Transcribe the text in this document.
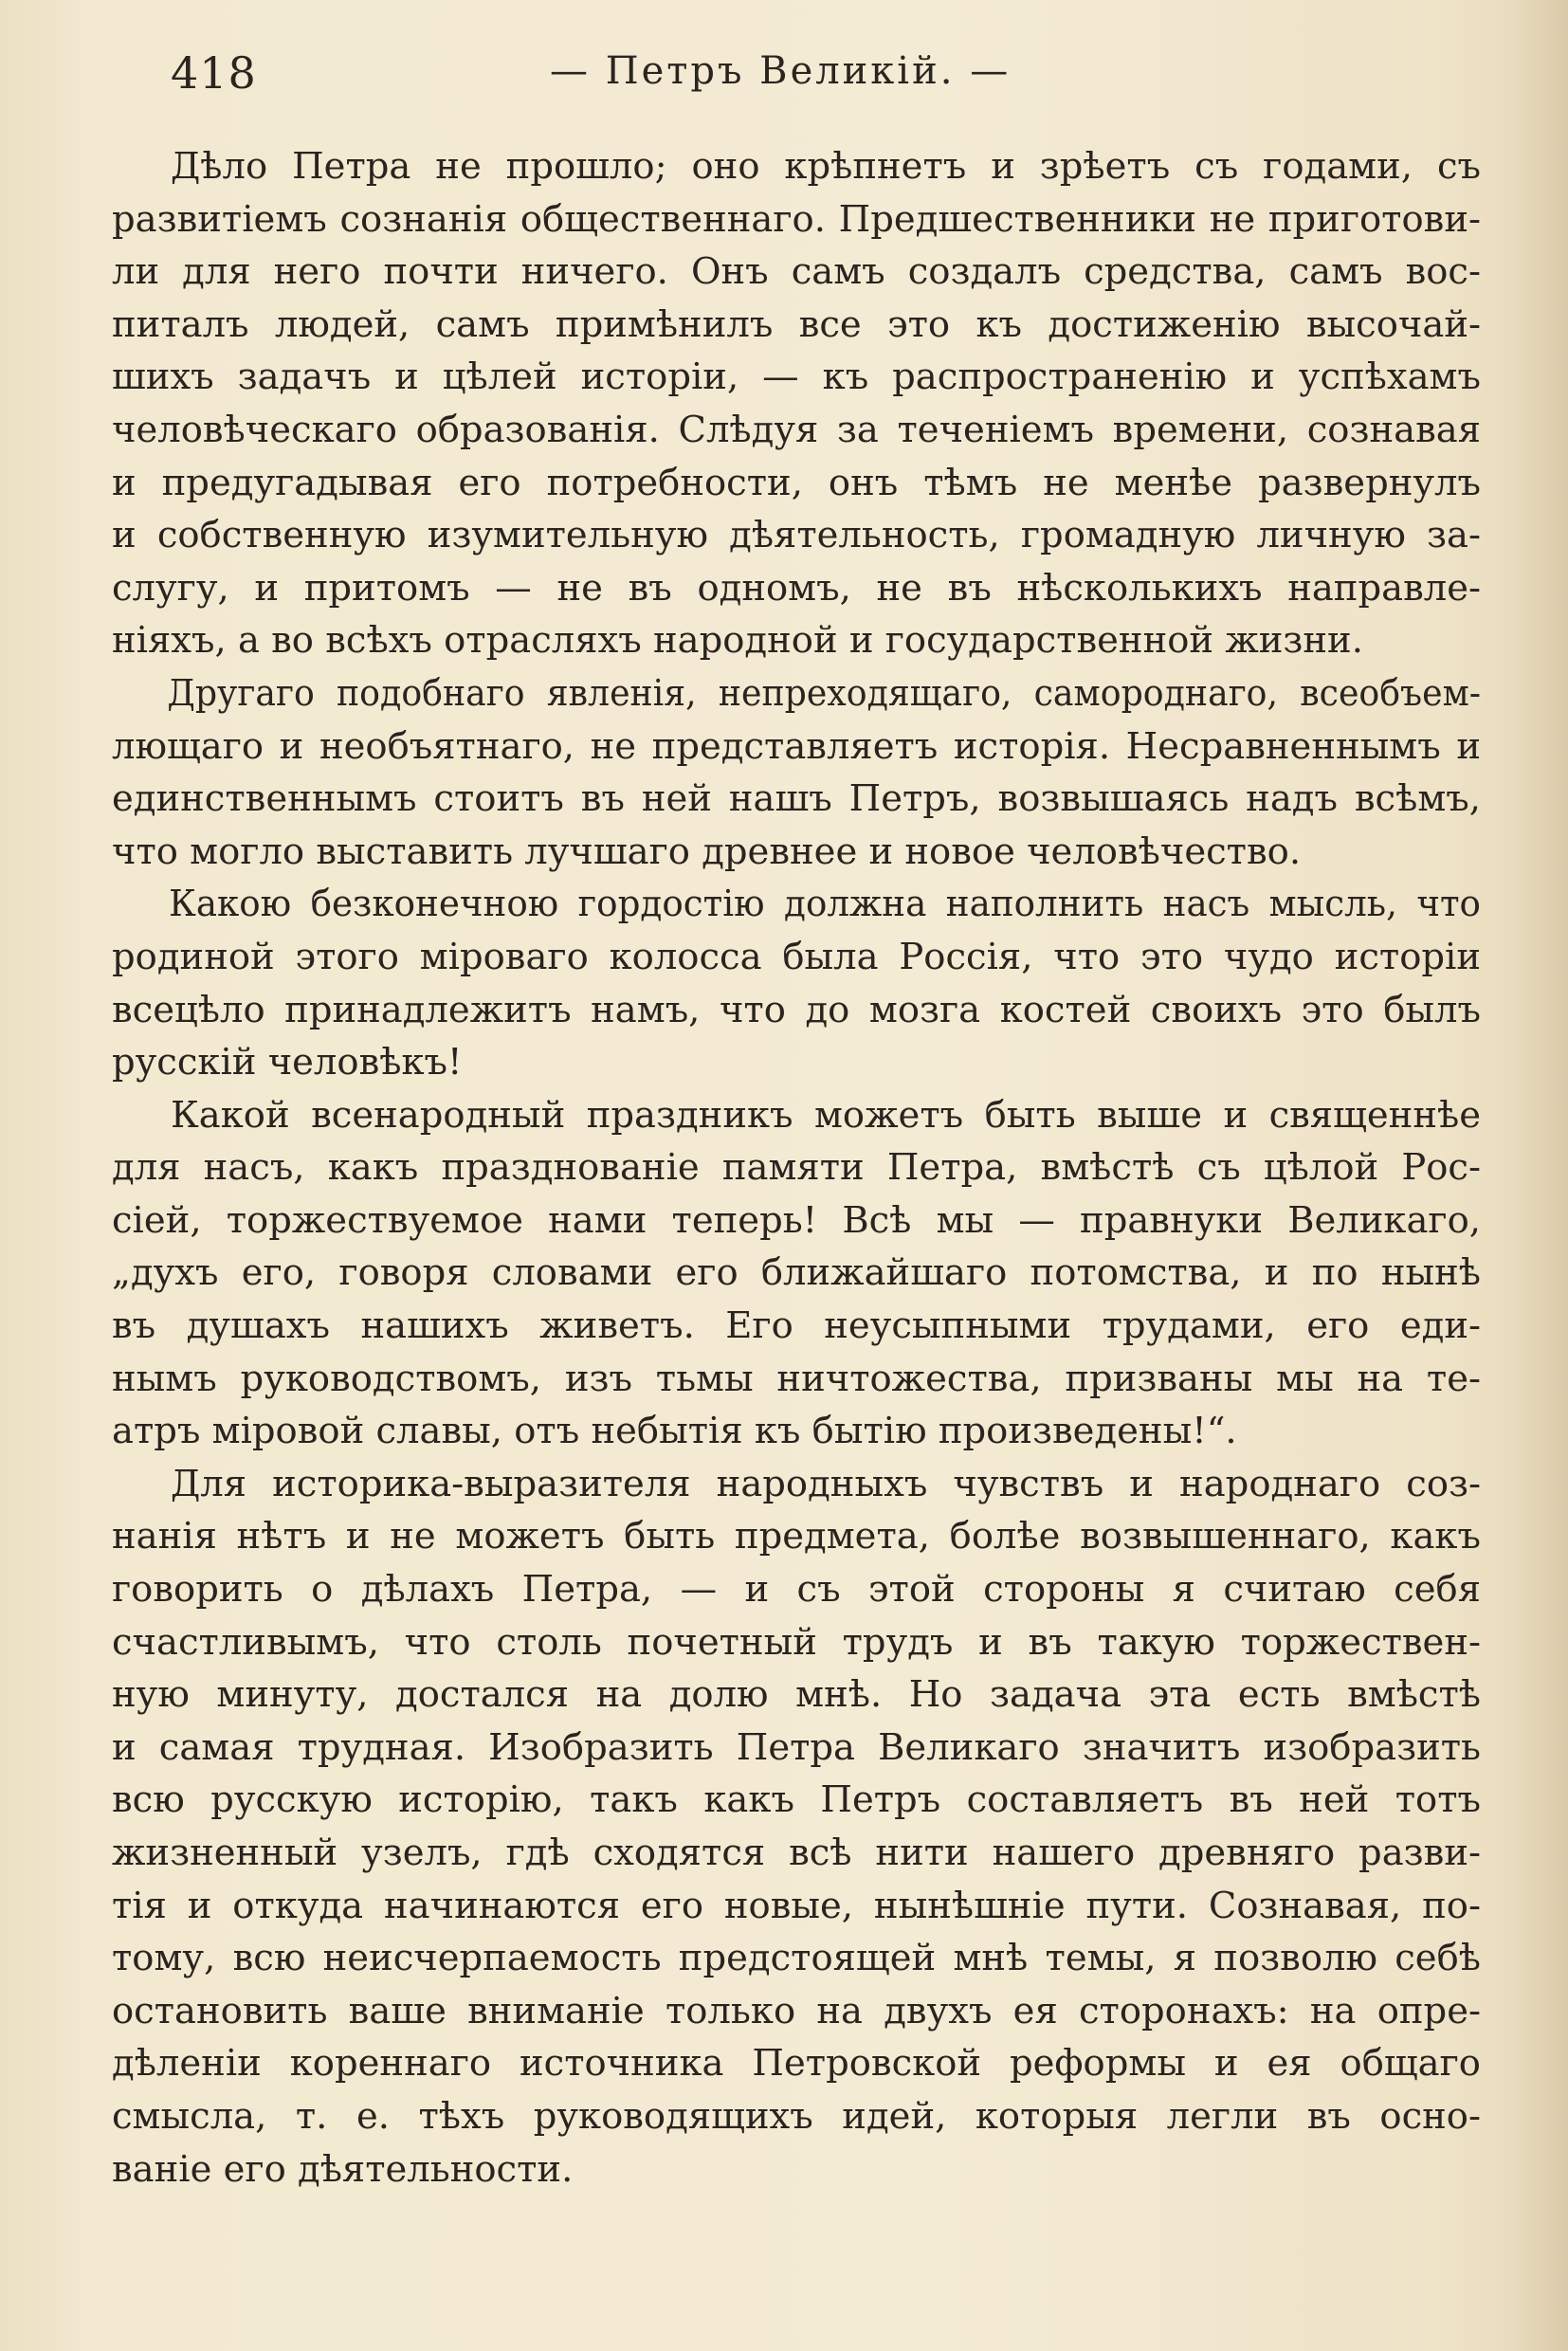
418	— Петръ Великій. —
Дѣло Петра не прошло; оно крѣпнетъ и зрѣетъ съ годами, съ
развитіемъ сознанія общественнаго. Предшественники не приготови-
ли для него почти ничего. Онъ самъ создалъ средства, самъ вос-
питалъ людей, самъ примѣнилъ все это къ достиженію высочай-
шихъ задачъ и цѣлей исторіи, — къ распространенію и успѣхамъ
человѣческаго образованія. Слѣдуя за теченіемъ времени, сознавая
и предугадывая его потребности, онъ тѣмъ не менѣе развернулъ
и собственную изумительную дѣятельность, громадную личную за-
слугу, и притомъ — не въ одномъ, не въ нѣсколькихъ направле-
ніяхъ, а во всѣхъ отрасляхъ народной и государственной жизни.
Другаго подобнаго явленія, непреходящаго, самороднаго, всеобъем-
лющаго и необъятнаго, не представляетъ исторія. Несравненнымъ и
единственнымъ стоитъ въ ней нашъ Петръ, возвышаясь надъ всѣмъ,
что могло выставить лучшаго древнее и новое человѣчество.
Какою безконечною гордостію должна наполнить насъ мысль, что
родиной этого міроваго колосса была Россія, что это чудо исторіи
всецѣло принадлежитъ намъ, что до мозга костей своихъ это былъ
русскій человѣкъ!
Какой всенародный праздникъ можетъ быть выше и священнѣе
для насъ, какъ празднованіе памяти Петра, вмѣстѣ съ цѣлой Рос-
сіей, торжествуемое нами теперь! Всѣ мы — правнуки Великаго,
„духъ его, говоря словами его ближайшаго потомства, и по нынѣ
въ душахъ нашихъ живетъ. Его неусыпными трудами, его еди-
нымъ руководствомъ, изъ тьмы ничтожества, призваны мы на те-
атръ міровой славы, отъ небытія къ бытію произведены!“.
Для историка-выразителя народныхъ чувствъ и народнаго соз-
нанія нѣтъ и не можетъ быть предмета, болѣе возвышеннаго, какъ
говорить о дѣлахъ Петра, — и съ этой стороны я считаю себя
счастливымъ, что столь почетный трудъ и въ такую торжествен-
ную минуту, достался на долю мнѣ. Но задача эта есть вмѣстѣ
и самая трудная. Изобразить Петра Великаго значитъ изобразить
всю русскую исторію, такъ какъ Петръ составляетъ въ ней тотъ
жизненный узелъ, гдѣ сходятся всѣ нити нашего древняго разви-
тія и откуда начинаются его новые, нынѣшніе пути. Сознавая, по-
тому, всю неисчерпаемость предстоящей мнѣ темы, я позволю себѣ
остановить ваше вниманіе только на двухъ ея сторонахъ: на опре-
дѣленіи кореннаго источника Петровской реформы и ея общаго
смысла, т. е. тѣхъ руководящихъ идей, которыя легли въ осно-
ваніе его дѣятельности.
